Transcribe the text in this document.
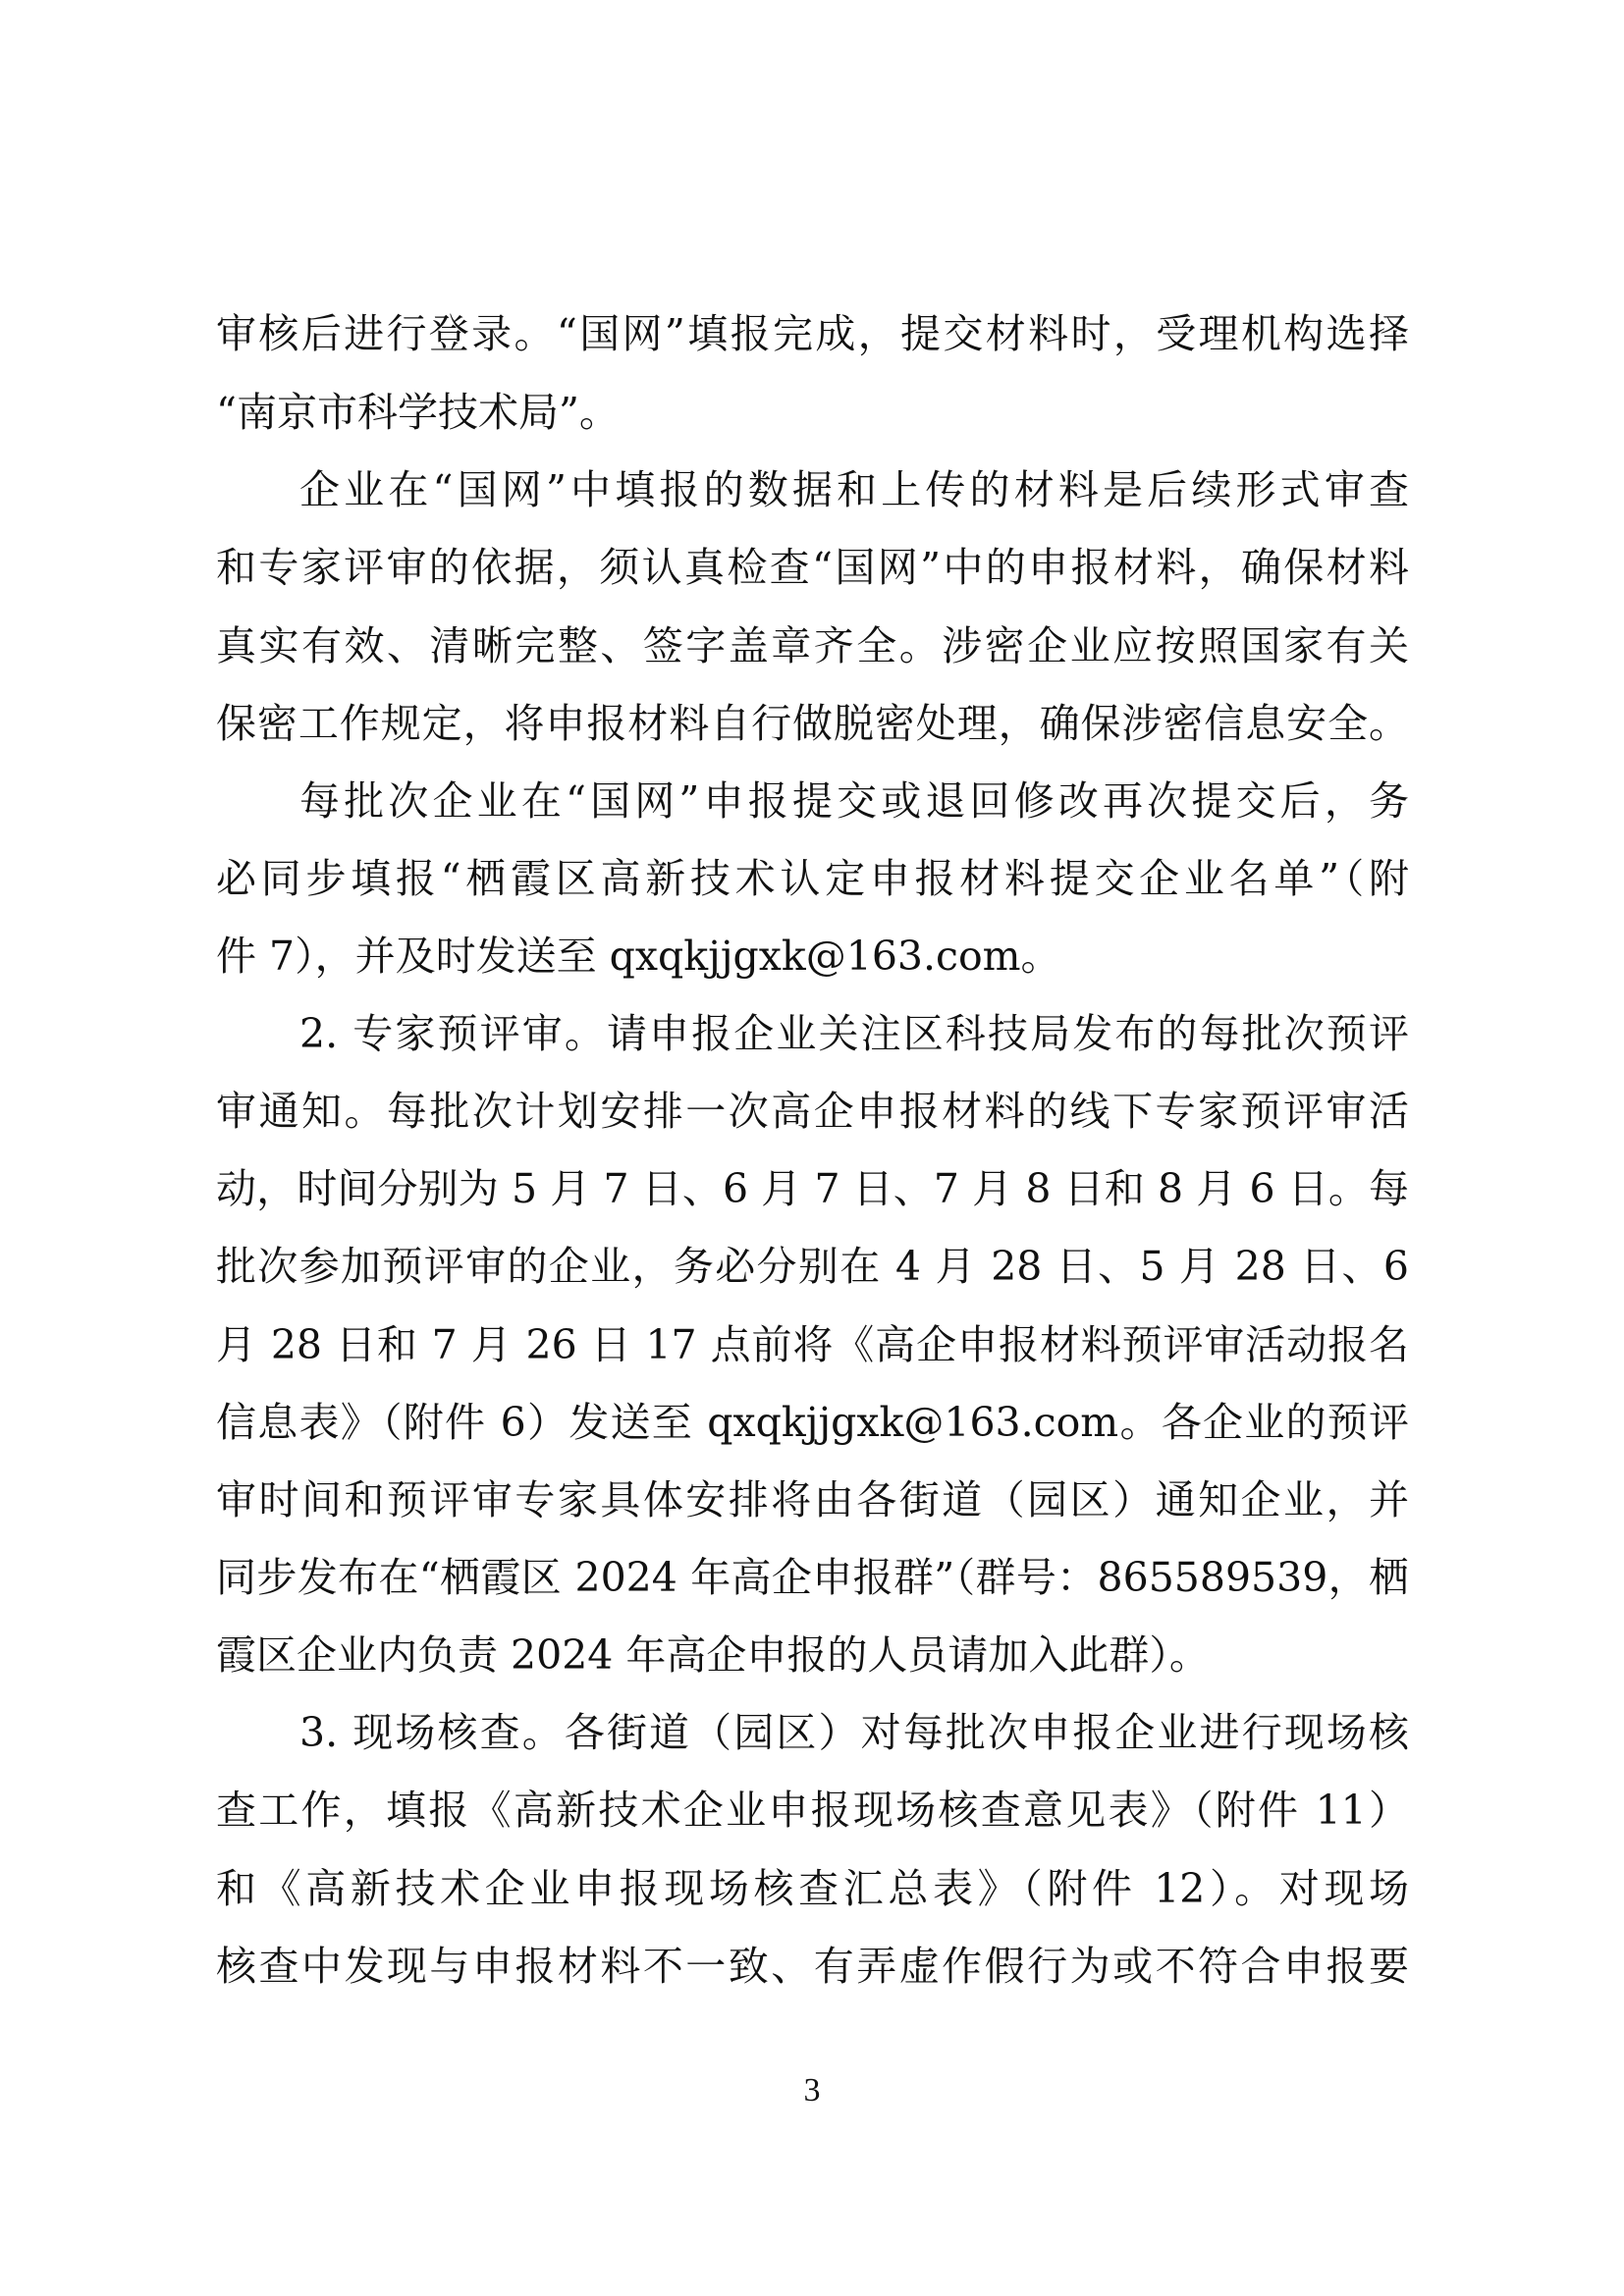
审核后进行登录。“国网”填报完成，提交材料时，受理机构选择
“南京市科学技术局”。
企业在“国网”中填报的数据和上传的材料是后续形式审查
和专家评审的依据，须认真检查“国网”中的申报材料，确保材料
真实有效、清晰完整、签字盖章齐全。涉密企业应按照国家有关
保密工作规定，将申报材料自行做脱密处理，确保涉密信息安全。
每批次企业在“国网”申报提交或退回修改再次提交后，务
必同步填报“栖霞区高新技术认定申报材料提交企业名单”（附
件 7），并及时发送至 qxqkjjgxk@163.com。
2. 专家预评审。请申报企业关注区科技局发布的每批次预评
审通知。每批次计划安排一次高企申报材料的线下专家预评审活
动，时间分别为 5 月 7 日、6 月 7 日、7 月 8 日和 8 月 6 日。每
批次参加预评审的企业，务必分别在 4 月 28 日、5 月 28 日、6
月 28 日和 7 月 26 日 17 点前将《高企申报材料预评审活动报名
信息表》（附件 6）发送至 qxqkjjgxk@163.com。各企业的预评
审时间和预评审专家具体安排将由各街道（园区）通知企业，并
同步发布在“栖霞区 2024 年高企申报群”（群号：865589539，栖
霞区企业内负责 2024 年高企申报的人员请加入此群）。
3. 现场核查。各街道（园区）对每批次申报企业进行现场核
查工作，填报《高新技术企业申报现场核查意见表》（附件 11）
和《高新技术企业申报现场核查汇总表》（附件 12）。对现场
核查中发现与申报材料不一致、有弄虚作假行为或不符合申报要
3
